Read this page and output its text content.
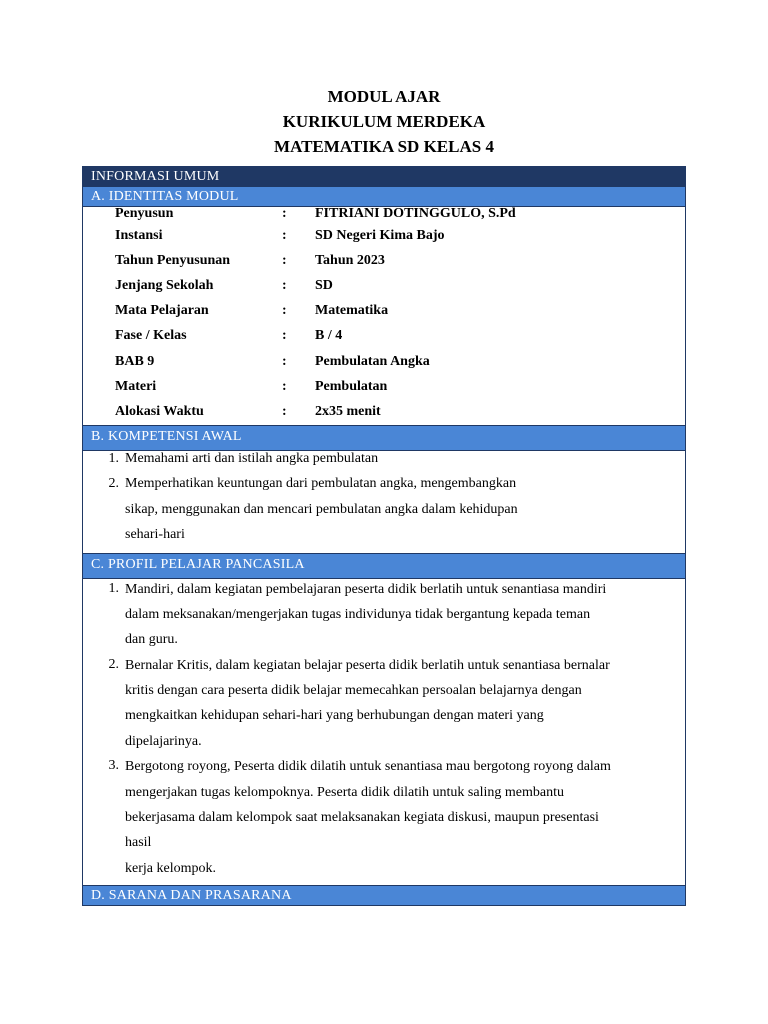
MODUL AJAR
KURIKULUM MERDEKA
MATEMATIKA SD KELAS 4
INFORMASI UMUM
A. IDENTITAS MODUL
Penyusun	:	FITRIANI DOTINGGULO, S.Pd
Instansi	:	SD Negeri Kima Bajo
Tahun Penyusunan	:	Tahun 2023
Jenjang Sekolah	:	SD
Mata Pelajaran	:	Matematika
Fase / Kelas	:	B / 4
BAB 9	:	Pembulatan Angka
Materi	:	Pembulatan
Alokasi Waktu	:	2x35 menit
B. KOMPETENSI AWAL
1. Memahami arti dan istilah angka pembulatan
2. Memperhatikan keuntungan dari pembulatan angka, mengembangkan
sikap, menggunakan dan mencari pembulatan angka dalam kehidupan
sehari-hari
C. PROFIL PELAJAR PANCASILA
1. Mandiri, dalam kegiatan pembelajaran peserta didik berlatih untuk senantiasa mandiri
dalam meksanakan/mengerjakan tugas individunya tidak bergantung kepada teman
dan guru.
2. Bernalar Kritis, dalam kegiatan belajar peserta didik berlatih untuk senantiasa bernalar
kritis dengan cara peserta didik belajar memecahkan persoalan belajarnya dengan
mengkaitkan kehidupan sehari-hari yang berhubungan dengan materi yang
dipelajarinya.
3. Bergotong royong, Peserta didik dilatih untuk senantiasa mau bergotong royong dalam
mengerjakan tugas kelompoknya. Peserta didik dilatih untuk saling membantu
bekerjasama dalam kelompok saat melaksanakan kegiata diskusi, maupun presentasi
hasil
kerja kelompok.
D. SARANA DAN PRASARANA
